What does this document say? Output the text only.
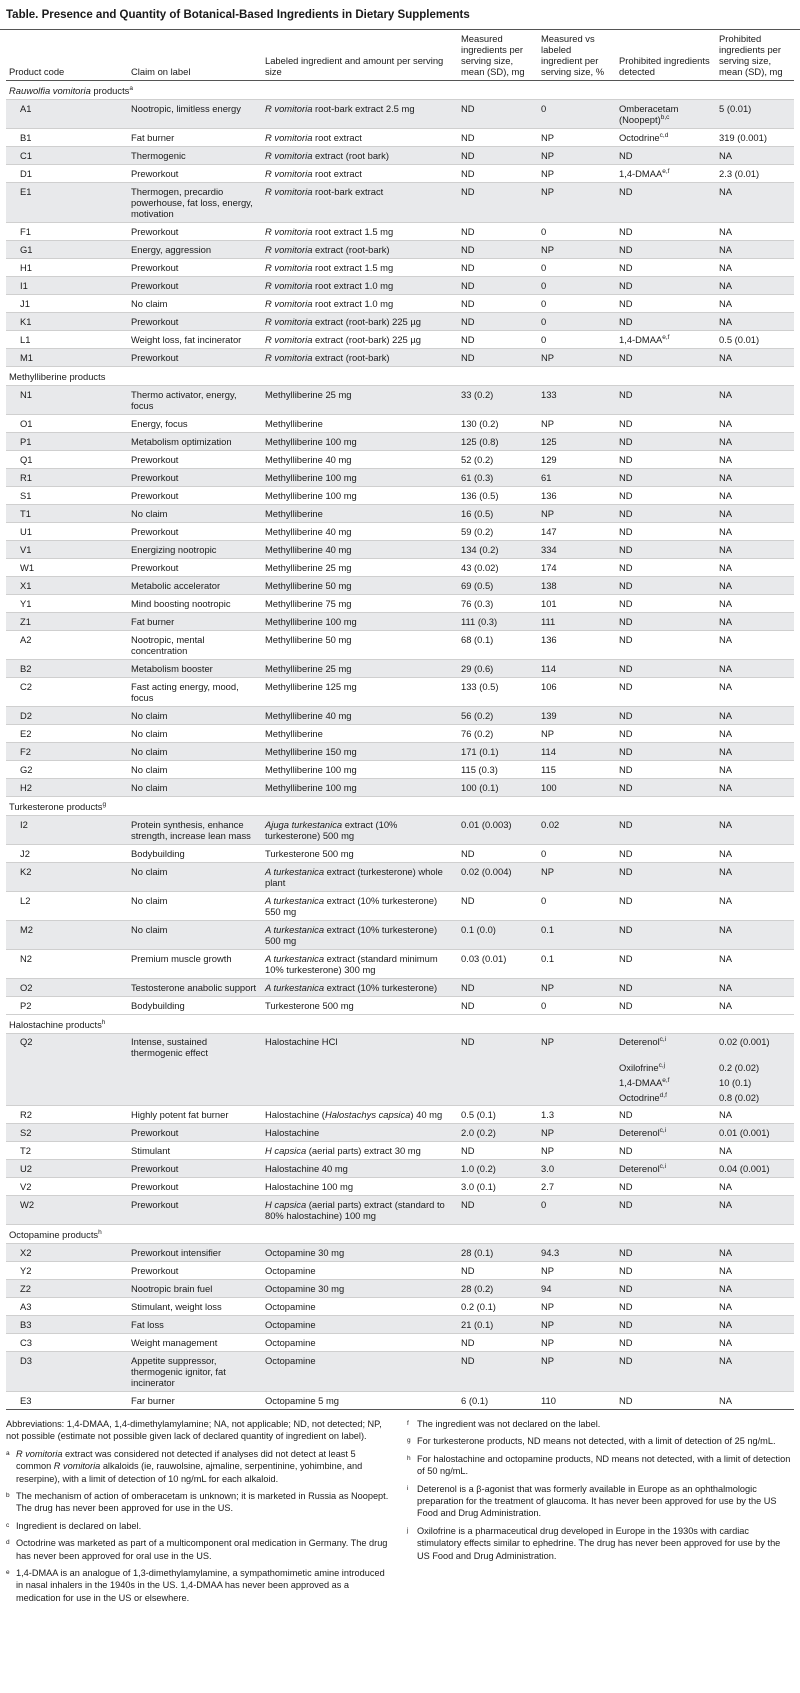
Table. Presence and Quantity of Botanical-Based Ingredients in Dietary Supplements
Product code	Claim on label	Labeled ingredient and amount per serving size	Measured ingredients per serving size, mean (SD), mg	Measured vs labeled ingredient per serving size, %	Prohibited ingredients detected	Prohibited ingredients per serving size, mean (SD), mg
Rauwolfia vomitoria products$^a$
A1	Nootropic, limitless energy	R vomitoria root-bark extract 2.5 mg	ND	0	Omberacetam (Noopept)$^{b,c}$	5 (0.01)
B1	Fat burner	R vomitoria root extract	ND	NP	Octodrine$^{c,d}$	319 (0.001)
C1	Thermogenic	R vomitoria extract (root bark)	ND	NP	ND	NA
D1	Preworkout	R vomitoria root extract	ND	NP	1,4-DMAA$^{e,f}$	2.3 (0.01)
E1	Thermogen, precardio powerhouse, fat loss, energy, motivation	R vomitoria root-bark extract	ND	NP	ND	NA
F1	Preworkout	R vomitoria root extract 1.5 mg	ND	0	ND	NA
G1	Energy, aggression	R vomitoria extract (root-bark)	ND	NP	ND	NA
H1	Preworkout	R vomitoria root extract 1.5 mg	ND	0	ND	NA
I1	Preworkout	R vomitoria root extract 1.0 mg	ND	0	ND	NA
J1	No claim	R vomitoria root extract 1.0 mg	ND	0	ND	NA
K1	Preworkout	R vomitoria extract (root-bark) 225 µg	ND	0	ND	NA
L1	Weight loss, fat incinerator	R vomitoria extract (root-bark) 225 µg	ND	0	1,4-DMAA$^{e,f}$	0.5 (0.01)
M1	Preworkout	R vomitoria extract (root-bark)	ND	NP	ND	NA
Methylliberine products						
N1	Thermo activator, energy, focus	Methylliberine 25 mg	33 (0.2)	133	ND	NA
O1	Energy, focus	Methylliberine	130 (0.2)	NP	ND	NA
P1	Metabolism optimization	Methylliberine 100 mg	125 (0.8)	125	ND	NA
Q1	Preworkout	Methylliberine 40 mg	52 (0.2)	129	ND	NA
R1	Preworkout	Methylliberine 100 mg	61 (0.3)	61	ND	NA
S1	Preworkout	Methylliberine 100 mg	136 (0.5)	136	ND	NA
T1	No claim	Methylliberine	16 (0.5)	NP	ND	NA
U1	Preworkout	Methylliberine 40 mg	59 (0.2)	147	ND	NA
V1	Energizing nootropic	Methylliberine 40 mg	134 (0.2)	334	ND	NA
W1	Preworkout	Methylliberine 25 mg	43 (0.02)	174	ND	NA
X1	Metabolic accelerator	Methylliberine 50 mg	69 (0.5)	138	ND	NA
Y1	Mind boosting nootropic	Methylliberine 75 mg	76 (0.3)	101	ND	NA
Z1	Fat burner	Methylliberine 100 mg	111 (0.3)	111	ND	NA
A2	Nootropic, mental concentration	Methylliberine 50 mg	68 (0.1)	136	ND	NA
B2	Metabolism booster	Methylliberine 25 mg	29 (0.6)	114	ND	NA
C2	Fast acting energy, mood, focus	Methylliberine 125 mg	133 (0.5)	106	ND	NA
D2	No claim	Methylliberine 40 mg	56 (0.2)	139	ND	NA
E2	No claim	Methylliberine	76 (0.2)	NP	ND	NA
F2	No claim	Methylliberine 150 mg	171 (0.1)	114	ND	NA
G2	No claim	Methylliberine 100 mg	115 (0.3)	115	ND	NA
H2	No claim	Methylliberine 100 mg	100 (0.1)	100	ND	NA
Turkesterone products$^g$
I2	Protein synthesis, enhance strength, increase lean mass	Ajuga turkestanica extract (10% turkesterone) 500 mg	0.01 (0.003)	0.02	ND	NA
J2	Bodybuilding	Turkesterone 500 mg	ND	0	ND	NA
K2	No claim	A turkestanica extract (turkesterone) whole plant	0.02 (0.004)	NP	ND	NA
L2	No claim	A turkestanica extract (10% turkesterone) 550 mg	ND	0	ND	NA
M2	No claim	A turkestanica extract (10% turkesterone) 500 mg	0.1 (0.0)	0.1	ND	NA
N2	Premium muscle growth	A turkestanica extract (standard minimum 10% turkesterone) 300 mg	0.03 (0.01)	0.1	ND	NA
O2	Testosterone anabolic support	A turkestanica extract (10% turkesterone)	ND	NP	ND	NA
P2	Bodybuilding	Turkesterone 500 mg	ND	0	ND	NA
Halostachine products$^h$
Q2	Intense, sustained thermogenic effect	Halostachine HCl	ND	NP	Deterenol$^{c,i}$	0.02 (0.001)
					Oxilofrine$^{c,j}$	0.2 (0.02)
					1,4-DMAA$^{e,f}$	10 (0.1)
					Octodrine$^{d,f}$	0.8 (0.02)
R2	Highly potent fat burner	Halostachine (Halostachys capsica) 40 mg	0.5 (0.1)	1.3	ND	NA
S2	Preworkout	Halostachine	2.0 (0.2)	NP	Deterenol$^{c,i}$	0.01 (0.001)
T2	Stimulant	H capsica (aerial parts) extract 30 mg	ND	NP	ND	NA
U2	Preworkout	Halostachine 40 mg	1.0 (0.2)	3.0	Deterenol$^{c,i}$	0.04 (0.001)
V2	Preworkout	Halostachine 100 mg	3.0 (0.1)	2.7	ND	NA
W2	Preworkout	H capsica (aerial parts) extract (standard to 80% halostachine) 100 mg	ND	0	ND	NA
Octopamine products$^h$
X2	Preworkout intensifier	Octopamine 30 mg	28 (0.1)	94.3	ND	NA
Y2	Preworkout	Octopamine	ND	NP	ND	NA
Z2	Nootropic brain fuel	Octopamine 30 mg	28 (0.2)	94	ND	NA
A3	Stimulant, weight loss	Octopamine	0.2 (0.1)	NP	ND	NA
B3	Fat loss	Octopamine	21 (0.1)	NP	ND	NA
C3	Weight management	Octopamine	ND	NP	ND	NA
D3	Appetite suppressor, thermogenic ignitor, fat incinerator	Octopamine	ND	NP	ND	NA
E3	Far burner	Octopamine 5 mg	6 (0.1)	110	ND	NA

Abbreviations: 1,4-DMAA, 1,4-dimethylamylamine; NA, not applicable; ND, not detected; NP, not possible (estimate not possible given lack of declared quantity of ingredient on label).

a R vomitoria extract was considered not detected if analyses did not detect at least 5 common R vomitoria alkaloids (ie, rauwolsine, ajmaline, serpentinine, yohimbine, and reserpine), with a limit of detection of 10 ng/mL for each alkaloid.

b The mechanism of action of omberacetam is unknown; it is marketed in Russia as Noopept. The drug has never been approved for use in the US.

c Ingredient is declared on label.

d Octodrine was marketed as part of a multicomponent oral medication in Germany. The drug has never been approved for oral use in the US.

e 1,4-DMAA is an analogue of 1,3-dimethylamylamine, a sympathomimetic amine introduced in nasal inhalers in the 1940s in the US. 1,4-DMAA has never been approved as a medication for use in the US or elsewhere.

f The ingredient was not declared on the label.

g For turkesterone products, ND means not detected, with a limit of detection of 25 ng/mL.

h For halostachine and octopamine products, ND means not detected, with a limit of detection of 50 ng/mL.

i Deterenol is a β-agonist that was formerly available in Europe as an ophthalmologic preparation for the treatment of glaucoma. It has never been approved for use by the US Food and Drug Administration.

j Oxilofrine is a pharmaceutical drug developed in Europe in the 1930s with cardiac stimulatory effects similar to ephedrine. The drug has never been approved for use by the US Food and Drug Administration.
